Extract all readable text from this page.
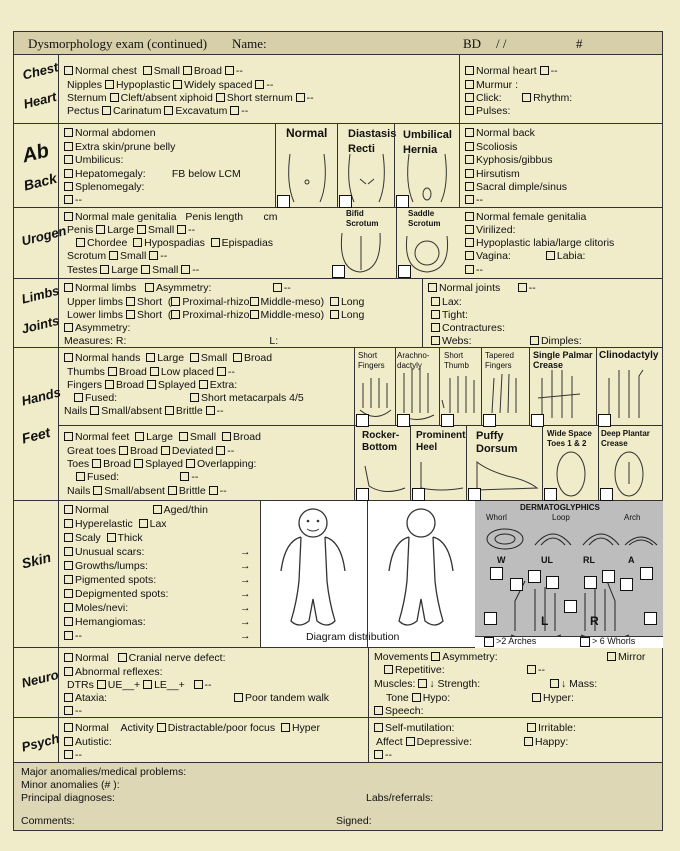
Dysmorphology exam (continued) Name:	BD / /	#
Chest
Heart
Ab
Back
Urogen
Limbs
Joints
Hands
Feet
Skin
Neuro
Psych
Normal chest Small Broad --
Nipples Hypoplastic Widely spaced --
Sternum Cleft/absent xiphoid Short sternum --
Pectus Carinatum Excavatum --
Normal heart --
Murmur :
Click:	Rhythm:
Pulses:
Normal abdomen
Extra skin/prune belly
Umbilicus:
Hepatomegaly:	FB below LCM
Splenomegaly:
--
Normal Diastasis Recti
Umbilical Hernia
Normal back
Scoliosis
Kyphosis/gibbus
Hirsutism
Sacral dimple/sinus
--
Normal male genitalia Penis length cm
Penis Large Small --
Chordee Hypospadias Epispadias
Scrotum Small --
Testes Large Small --
Bifid Scrotum
Saddle Scrotum
Normal female genitalia
Virilized:
Hypoplastic labia/large clitoris
Vagina:	Labia:
--
Normal limbs Asymmetry:	--
Upper limbs Short ( Proximal-rhizo Middle-meso) Long
Lower limbs Short ( Proximal-rhizo Middle-meso) Long
Asymmetry:
Measures: R:	L:
Normal joints	--
Lax:
Tight:
Contractures:
Webs:	Dimples:
Normal hands Large Small Broad
Thumbs Broad Low placed --
Fingers Broad Splayed Extra:
Fused:	Short metacarpals 4/5
Nails Small/absent Brittle --
Short Fingers
Arachno-dactyly
Short Thumb
Tapered Fingers
Single Palmar Crease
Clinodactyly
Normal feet Large Small Broad
Great toes Broad Deviated --
Toes Broad Splayed Overlapping:
Fused:	--
Nails Small/absent Brittle --
Rocker-Bottom
Prominent Heel
Puffy Dorsum
Wide Space Toes 1 & 2
Deep Plantar Crease
Normal	Aged/thin
Hyperelastic Lax
Scaly Thick
Unusual scars:
Growths/lumps:
Pigmented spots:
Depigmented spots:
Moles/nevi:
Hemangiomas:
--
→
→
→
→
→
→
→	Diagram distribution
DERMATOGLYPHICS
Whorl	Loop	Arch
W	UL	RL	A
L	R
>2 Arches	> 6 Whorls
Normal Cranial nerve defect:
Abnormal reflexes:
DTRs UE__+ LE__+ --
Ataxia:	Poor tandem walk
--
Movements Asymmetry:	Mirror
Repetitive:	--
Muscles: ↓ Strength:	↓ Mass:
Tone Hypo:	Hyper:
Speech:
Normal Activity Distractable/poor focus Hyper
Autistic:
--
Self-mutilation:	Irritable:
Affect Depressive:	Happy:
--
Major anomalies/medical problems:
Minor anomalies (# ):
Principal diagnoses:	Labs/referrals:
Comments:	Signed:
